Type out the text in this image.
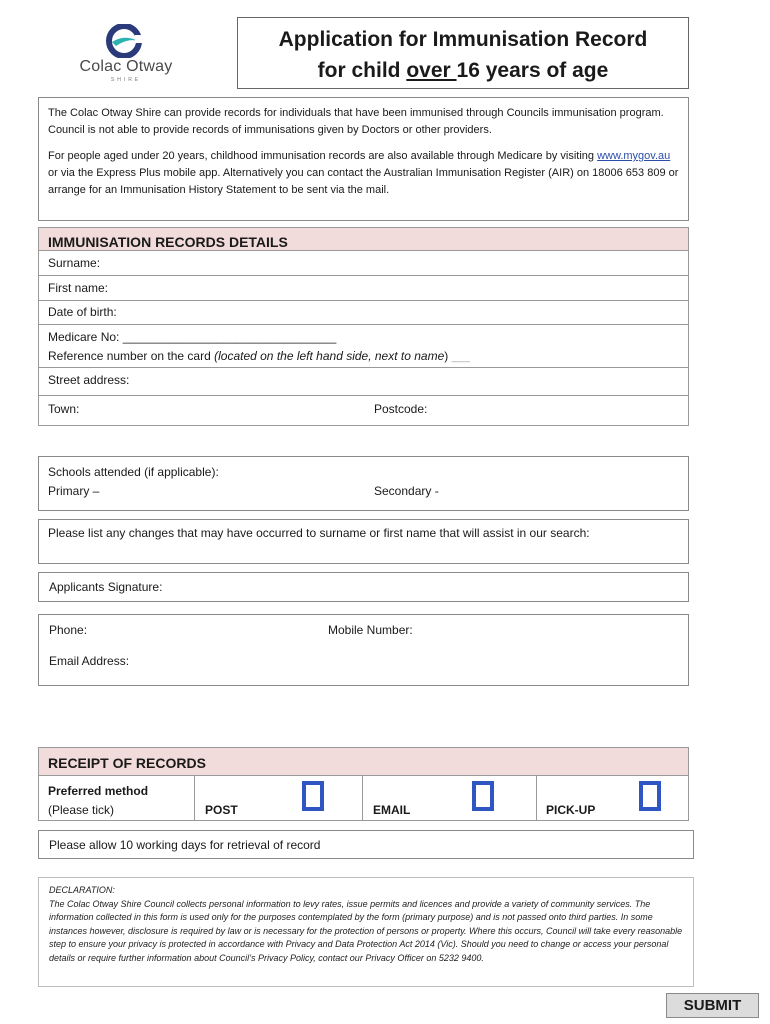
Colac Otway
SHIRE
Application for Immunisation Record
for child over 16 years of age

The Colac Otway Shire can provide records for individuals that have been immunised through Councils immunisation program. Council is not able to provide records of immunisations given by Doctors or other providers.

For people aged under 20 years, childhood immunisation records are also available through Medicare by visiting www.mygov.au or via the Express Plus mobile app. Alternatively you can contact the Australian Immunisation Register (AIR) on 18006 653 809 or arrange for an Immunisation History Statement to be sent via the mail.

IMMUNISATION RECORDS DETAILS
Surname:
First name:
Date of birth:
Medicare No: ________________________________
Reference number on the card (located on the left hand side, next to name) ___
Street address:
Town:	Postcode:
Schools attended (if applicable):
Primary –	Secondary -
Please list any changes that may have occurred to surname or first name that will assist in our search:
Applicants Signature:
Phone:	Mobile Number:
Email Address:
RECEIPT OF RECORDS
Preferred method
(Please tick)	POST	EMAIL	PICK-UP
Please allow 10 working days for retrieval of record
DECLARATION:
The Colac Otway Shire Council collects personal information to levy rates, issue permits and licences and provide a variety of community services. The information collected in this form is used only for the purposes contemplated by the form (primary purpose) and is not passed onto third parties. In some instances however, disclosure is required by law or is necessary for the protection of persons or property. Where this occurs, Council will take every reasonable step to ensure your privacy is protected in accordance with Privacy and Data Protection Act 2014 (Vic). Should you need to change or access your personal details or require further information about Council’s Privacy Policy, contact our Privacy Officer on 5232 9400.
SUBMIT
